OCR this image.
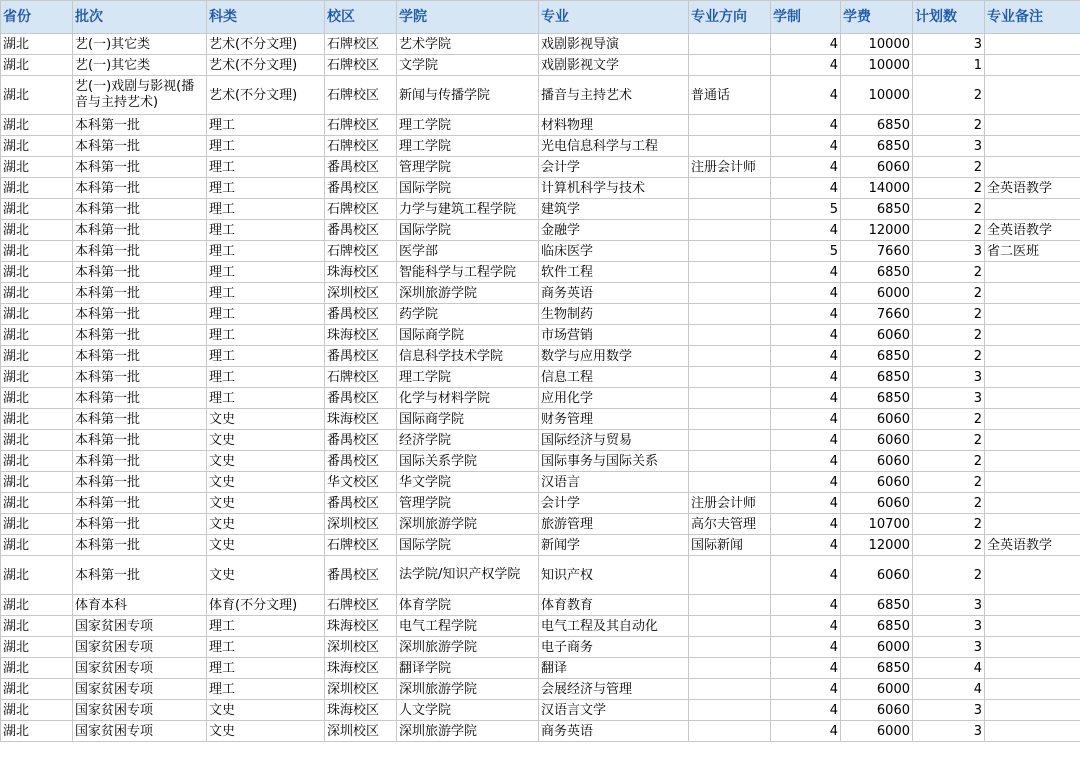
省份	批次	科类	校区	学院	专业	专业方向	学制	学费	计划数	专业备注
湖北	艺(一)其它类	艺术(不分文理)	石牌校区	艺术学院	戏剧影视导演		4	10000	3	
湖北	艺(一)其它类	艺术(不分文理)	石牌校区	文学院	戏剧影视文学		4	10000	1	
湖北	艺(一)戏剧与影视(播音与主持艺术)	艺术(不分文理)	石牌校区	新闻与传播学院	播音与主持艺术	普通话	4	10000	2	
湖北	本科第一批	理工	石牌校区	理工学院	材料物理		4	6850	2	
湖北	本科第一批	理工	石牌校区	理工学院	光电信息科学与工程		4	6850	3	
湖北	本科第一批	理工	番禺校区	管理学院	会计学	注册会计师	4	6060	2	
湖北	本科第一批	理工	番禺校区	国际学院	计算机科学与技术		4	14000	2	全英语教学
湖北	本科第一批	理工	石牌校区	力学与建筑工程学院	建筑学		5	6850	2	
湖北	本科第一批	理工	番禺校区	国际学院	金融学		4	12000	2	全英语教学
湖北	本科第一批	理工	石牌校区	医学部	临床医学		5	7660	3	省二医班
湖北	本科第一批	理工	珠海校区	智能科学与工程学院	软件工程		4	6850	2	
湖北	本科第一批	理工	深圳校区	深圳旅游学院	商务英语		4	6000	2	
湖北	本科第一批	理工	番禺校区	药学院	生物制药		4	7660	2	
湖北	本科第一批	理工	珠海校区	国际商学院	市场营销		4	6060	2	
湖北	本科第一批	理工	番禺校区	信息科学技术学院	数学与应用数学		4	6850	2	
湖北	本科第一批	理工	石牌校区	理工学院	信息工程		4	6850	3	
湖北	本科第一批	理工	番禺校区	化学与材料学院	应用化学		4	6850	3	
湖北	本科第一批	文史	珠海校区	国际商学院	财务管理		4	6060	2	
湖北	本科第一批	文史	番禺校区	经济学院	国际经济与贸易		4	6060	2	
湖北	本科第一批	文史	番禺校区	国际关系学院	国际事务与国际关系		4	6060	2	
湖北	本科第一批	文史	华文校区	华文学院	汉语言		4	6060	2	
湖北	本科第一批	文史	番禺校区	管理学院	会计学	注册会计师	4	6060	2	
湖北	本科第一批	文史	深圳校区	深圳旅游学院	旅游管理	高尔夫管理	4	10700	2	
湖北	本科第一批	文史	石牌校区	国际学院	新闻学	国际新闻	4	12000	2	全英语教学
湖北	本科第一批	文史	番禺校区	法学院/知识产权学院	知识产权		4	6060	2	
湖北	体育本科	体育(不分文理)	石牌校区	体育学院	体育教育		4	6850	3	
湖北	国家贫困专项	理工	珠海校区	电气工程学院	电气工程及其自动化		4	6850	3	
湖北	国家贫困专项	理工	深圳校区	深圳旅游学院	电子商务		4	6000	3	
湖北	国家贫困专项	理工	珠海校区	翻译学院	翻译		4	6850	4	
湖北	国家贫困专项	理工	深圳校区	深圳旅游学院	会展经济与管理		4	6000	4	
湖北	国家贫困专项	文史	珠海校区	人文学院	汉语言文学		4	6060	3	
湖北	国家贫困专项	文史	深圳校区	深圳旅游学院	商务英语		4	6000	3	
